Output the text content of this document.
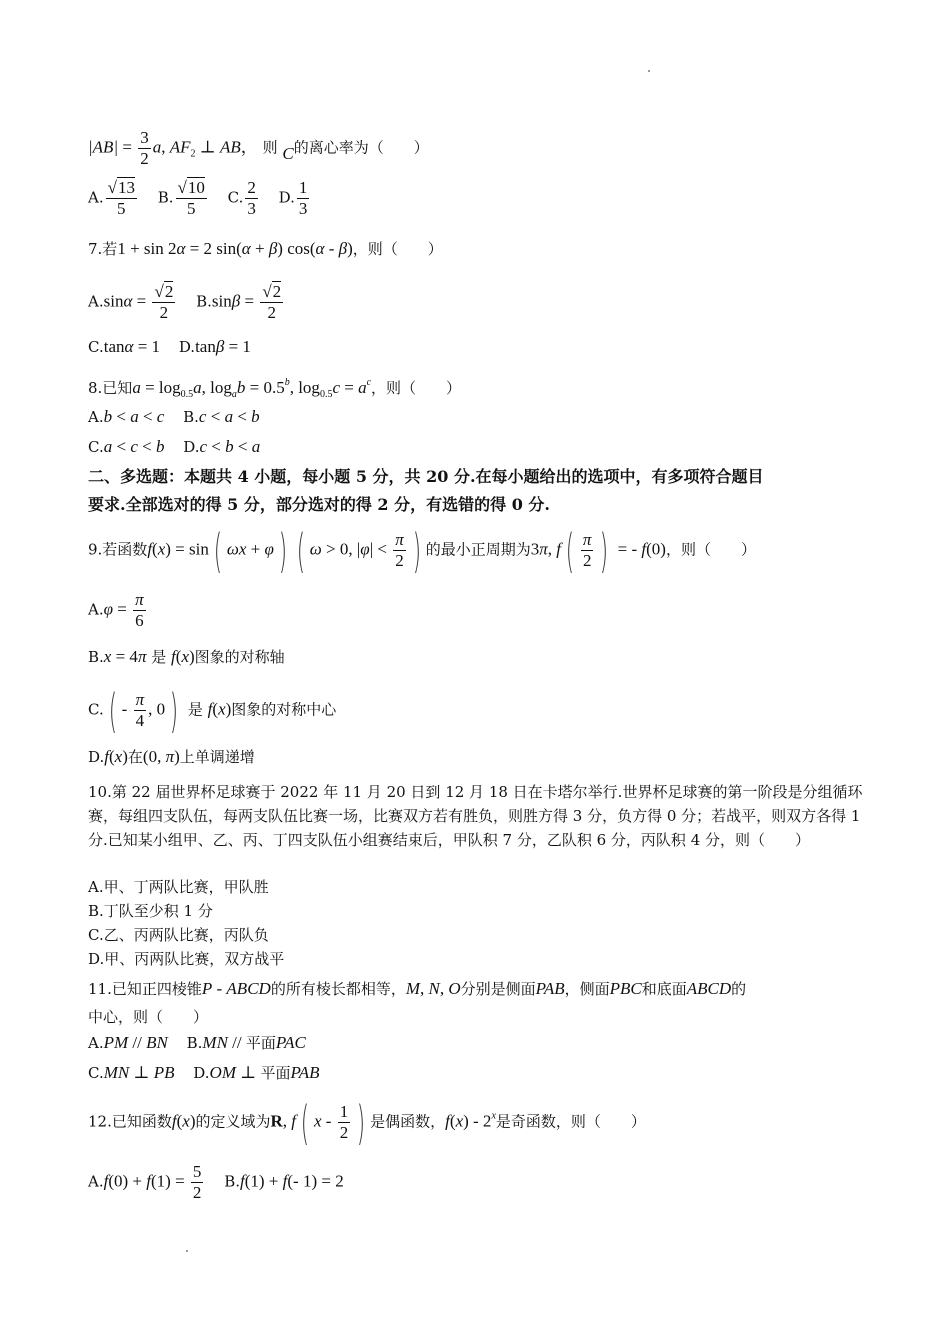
$|AB| = \frac{3}{2} a$, $AF_2$ ⊥ AB， 则 C的离心率为（　　）
A. $\frac{√13}{5} B$. $\frac{√10}{5} C$. $\frac{2}{3} D$. $\frac{1}{3}$
7.若1 + sin 2α = 2 sin(α + β) cos(α - β)，则（　　）
$A.\sin\alpha = \frac{√2}{2} B.\sin\beta = \frac{√2}{2}$
C.tanα = 1 D.tanβ = 1
8.已知$a = \log_{0.5}a$, $\log_ab = 0.5^b$, $\log_{0.5}c = a^c$，则（　　）
A.b < a < c B.c < a < b
C.a < c < b D.c < b < a
二、多选题：本题共 4 小题，每小题 5 分，共 20 分.在每小题给出的选项中，有多项符合题目
要求.全部选对的得 5 分，部分选对的得 2 分，有选错的得 0 分.
9.若函数f(x) = sin ( ωx + φ ) ( ω > 0, $|\varphi| < \frac{\pi}{2}$ ) 的最小正周期为3π, f ( $\frac{\pi}{2}$ ) = - f(0)，则（　　）
$A.\varphi = \frac{\pi}{6}$
B.x = 4π 是 f(x)图象的对称轴
C. ( - $\frac{\pi}{4}$ , 0 ) 是 f(x)图象的对称中心
D.f(x)在(0, π)上单调递增
10.第 22 届世界杯足球赛于 2022 年 11 月 20 日到 12 月 18 日在卡塔尔举行.世界杯足球赛的第一阶段是分组循环赛，每组四支队伍，每两支队伍比赛一场，比赛双方若有胜负，则胜方得 3 分，负方得 0 分；若战平，则双方各得 1 分.已知某小组甲、乙、丙、丁四支队伍小组赛结束后，甲队积 7 分，乙队积 6 分，丙队积 4 分，则（　　）
A.甲、丁两队比赛，甲队胜
B.丁队至少积 1 分
C.乙、丙两队比赛，丙队负
D.甲、丙两队比赛，双方战平
11.已知正四棱锥P - ABCD的所有棱长都相等，M, N, O分别是侧面PAB，侧面PBC和底面ABCD的
中心，则（　　）
A.PM // BN B.MN // 平面PAC
C.MN ⊥ PB D.OM ⊥ 平面PAB
12.已知函数f(x)的定义域为R, f ( x - $\frac{1}{2}$ ) 是偶函数，f(x) - 2$^x$是奇函数，则（　　）
$A.f(0) + f(1) = \frac{5}{2} B.f(1) + f(-$ 1) = 2
